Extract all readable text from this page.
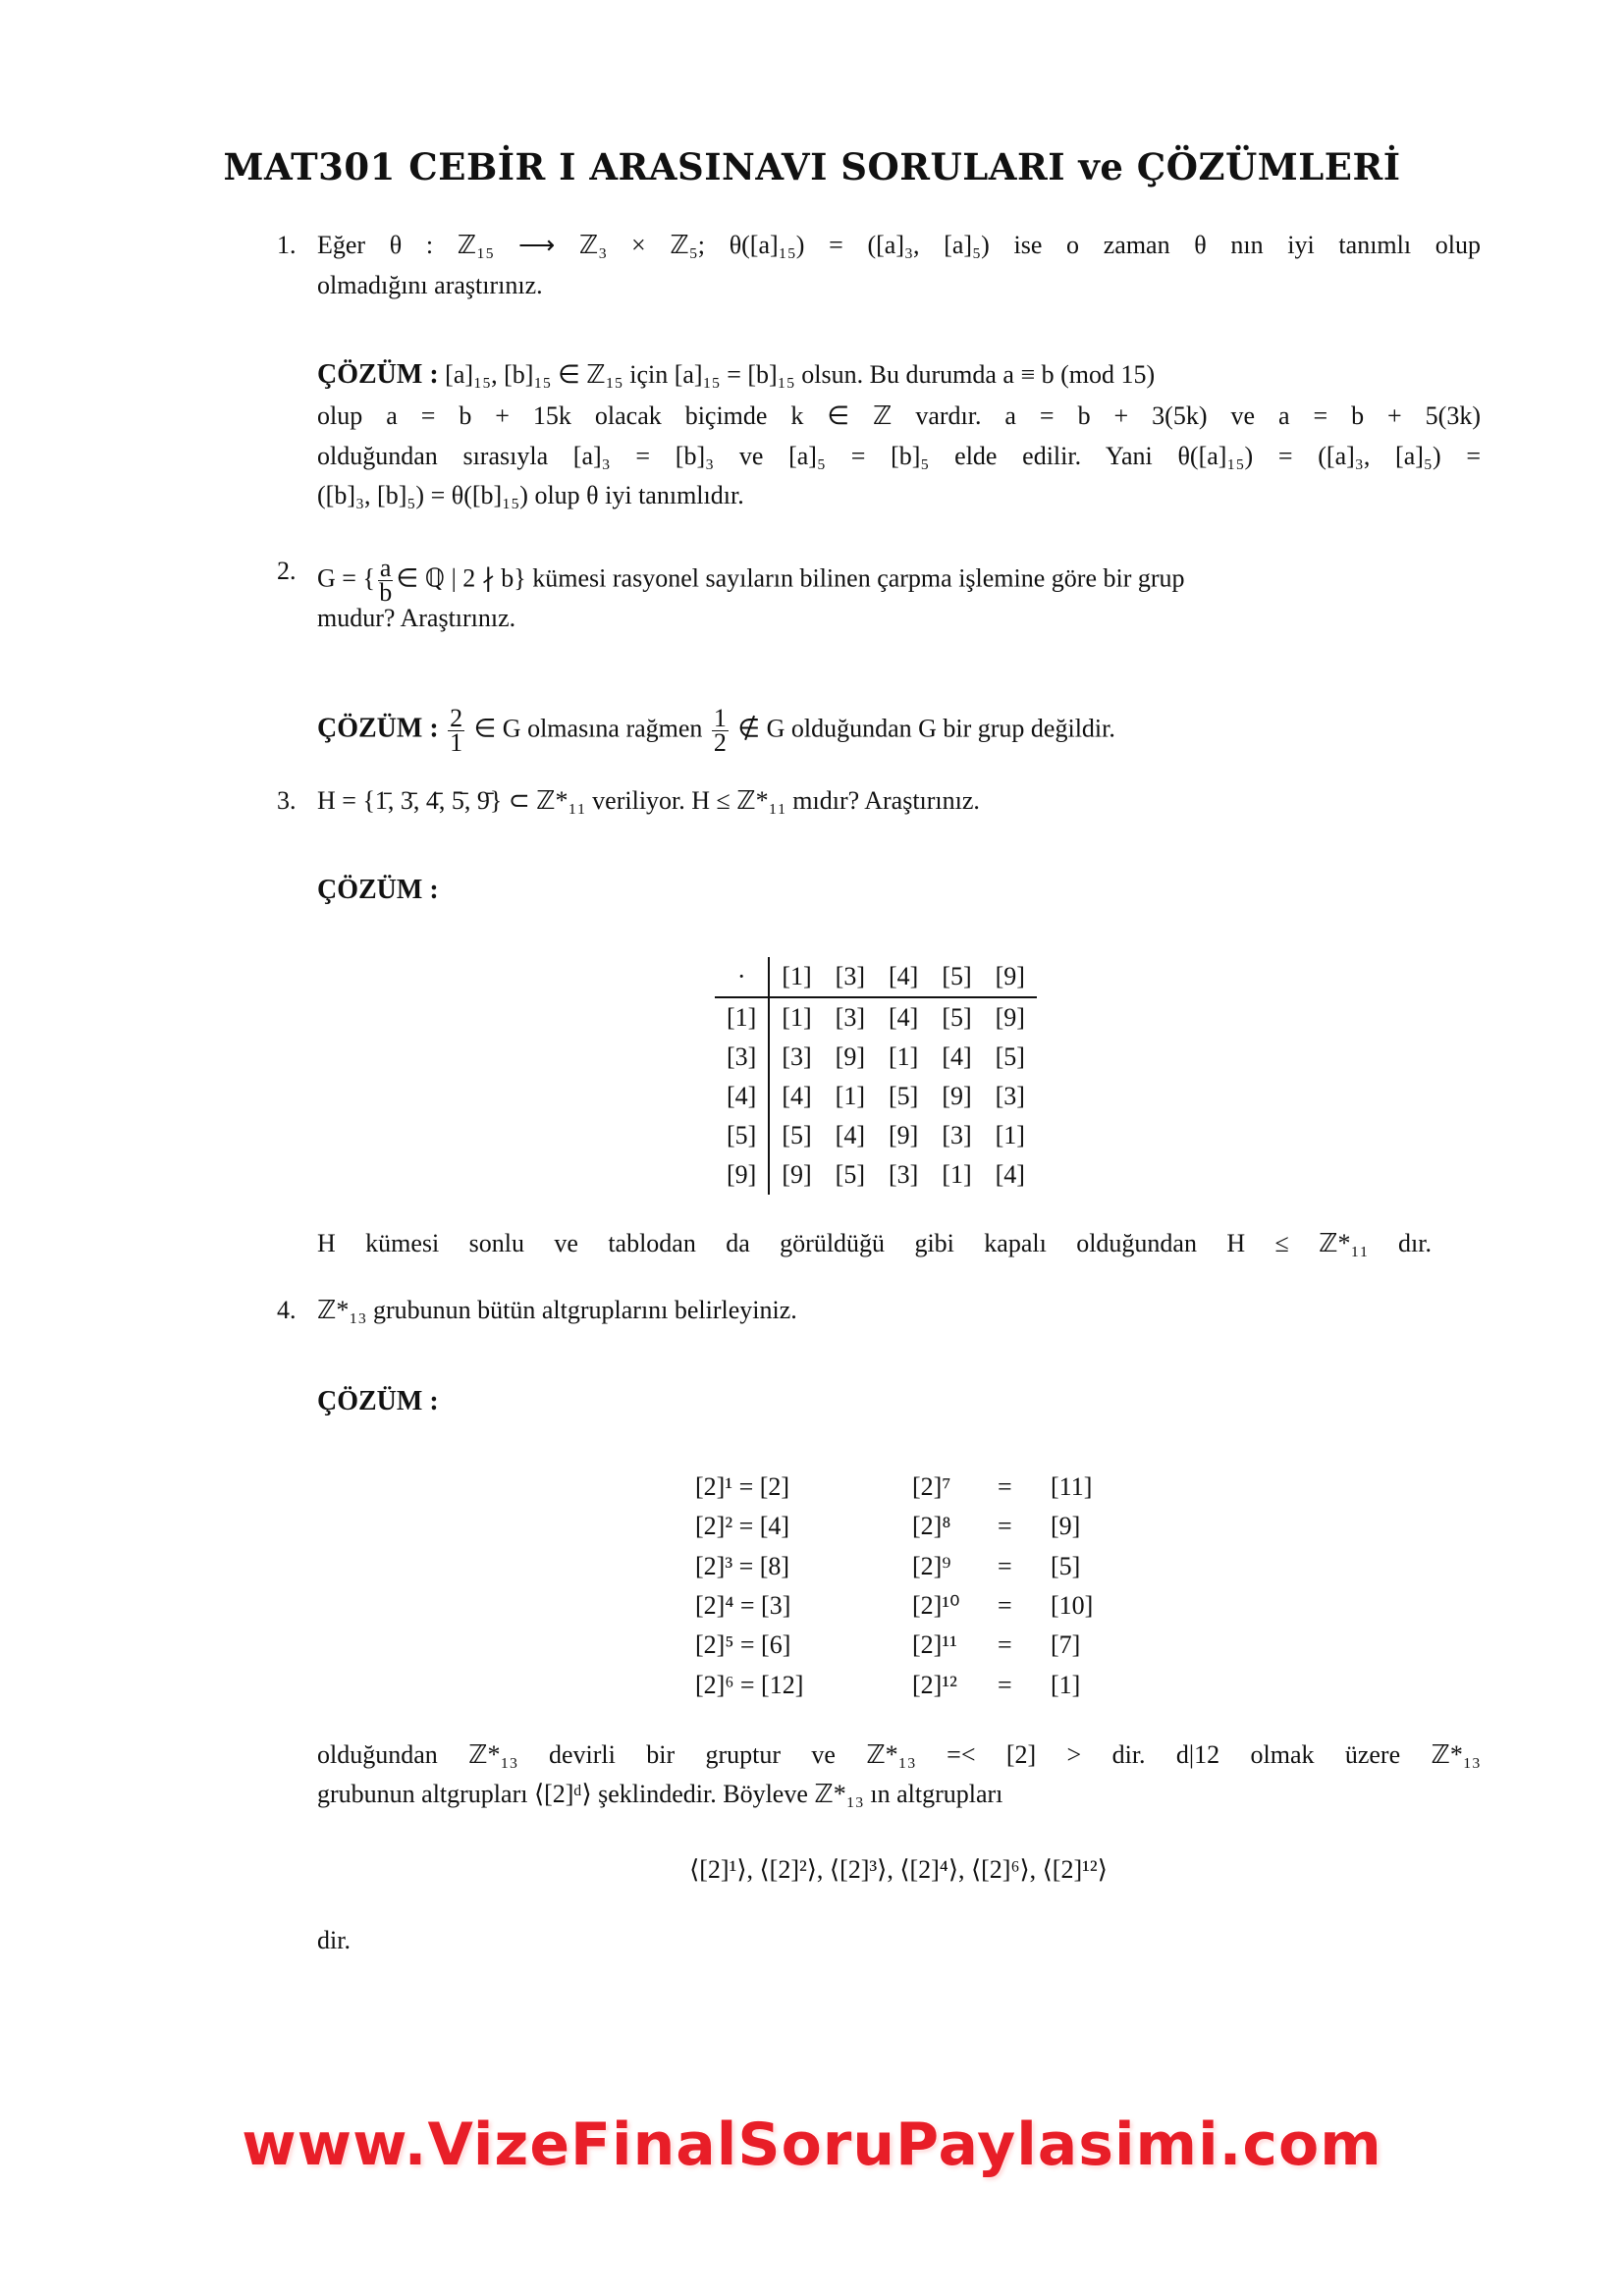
MAT301 CEBİR I ARASINAVI SORULARI ve ÇÖZÜMLERİ
1. Eğer θ : ℤ₁₅ ⟶ ℤ₃ × ℤ₅; θ([a]₁₅) = ([a]₃, [a]₅) ise o zaman θ nın iyi tanımlı olup
olmadığını araştırınız.
ÇÖZÜM : [a]₁₅, [b]₁₅ ∈ ℤ₁₅ için [a]₁₅ = [b]₁₅ olsun. Bu durumda a ≡ b (mod 15)
olup a = b + 15k olacak biçimde k ∈ ℤ vardır. a = b + 3(5k) ve a = b + 5(3k)
olduğundan sırasıyla [a]₃ = [b]₃ ve [a]₅ = [b]₅ elde edilir. Yani θ([a]₁₅) = ([a]₃, [a]₅) =
([b]₃, [b]₅) = θ([b]₁₅) olup θ iyi tanımlıdır.
2. G = { $\frac{a}{b}$ ∈ ℚ | 2 ∤ b} kümesi rasyonel sayıların bilinen çarpma işlemine göre bir grup
mudur? Araştırınız.
ÇÖZÜM : $\frac{2}{1}$ ∈ G olmasına rağmen $\frac{1}{2}$ ∉ G olduğundan G bir grup değildir.
3. H = {1̄, 3̄, 4̄, 5̄, 9̄} ⊂ ℤ*₁₁ veriliyor. H ≤ ℤ*₁₁ mıdır? Araştırınız.
ÇÖZÜM :
·	[1]	[3]	[4]	[5]	[9]
[1]	[1]	[3]	[4]	[5]	[9]
[3]	[3]	[9]	[1]	[4]	[5]
[4]	[4]	[1]	[5]	[9]	[3]
[5]	[5]	[4]	[9]	[3]	[1]
[9]	[9]	[5]	[3]	[1]	[4]
H kümesi sonlu ve tablodan da görüldüğü gibi kapalı olduğundan H ≤ ℤ*₁₁ dır.
4. ℤ*₁₃ grubunun bütün altgruplarını belirleyiniz.
ÇÖZÜM :
[2]¹ = [2]
[2]² = [4]
[2]³ = [8]
[2]⁴ = [3]
[2]⁵ = [6]
[2]⁶ = [12]
[2]⁷ = [11]
[2]⁸ = [9]
[2]⁹ = [5]
[2]¹⁰ = [10]
[2]¹¹ = [7]
[2]¹² = [1]
olduğundan ℤ*₁₃ devirli bir gruptur ve ℤ*₁₃ =< [2] > dir. d|12 olmak üzere ℤ*₁₃
grubunun altgrupları ⟨[2]ᵈ⟩ şeklindedir. Böyleve ℤ*₁₃ ın altgrupları
⟨[2]¹⟩, ⟨[2]²⟩, ⟨[2]³⟩, ⟨[2]⁴⟩, ⟨[2]⁶⟩, ⟨[2]¹²⟩
dir.
www.VizeFinalSoruPaylasimi.com
